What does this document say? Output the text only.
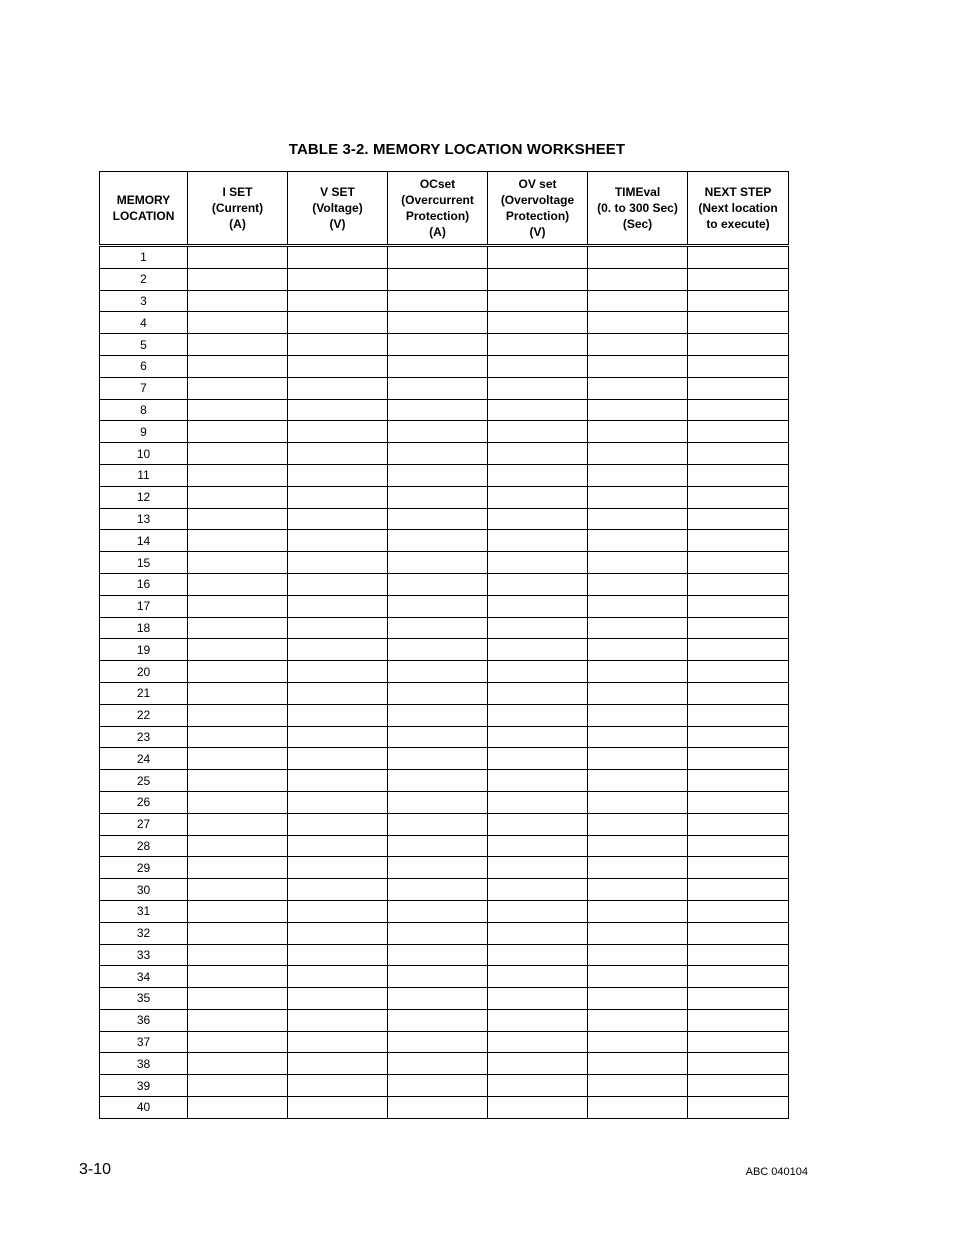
TABLE 3-2. MEMORY LOCATION WORKSHEET
MEMORY
LOCATION	I SET
(Current)
(A)	V SET
(Voltage)
(V)	OCset
(Overcurrent
Protection)
(A)	OV set
(Overvoltage
Protection)
(V)	TIMEval
(0. to 300 Sec)
(Sec)	NEXT STEP
(Next location
to execute)
1						
2						
3						
4						
5						
6						
7						
8						
9						
10						
11						
12						
13						
14						
15						
16						
17						
18						
19						
20						
21						
22						
23						
24						
25						
26						
27						
28						
29						
30						
31						
32						
33						
34						
35						
36						
37						
38						
39						
40						
3-10	ABC 040104
